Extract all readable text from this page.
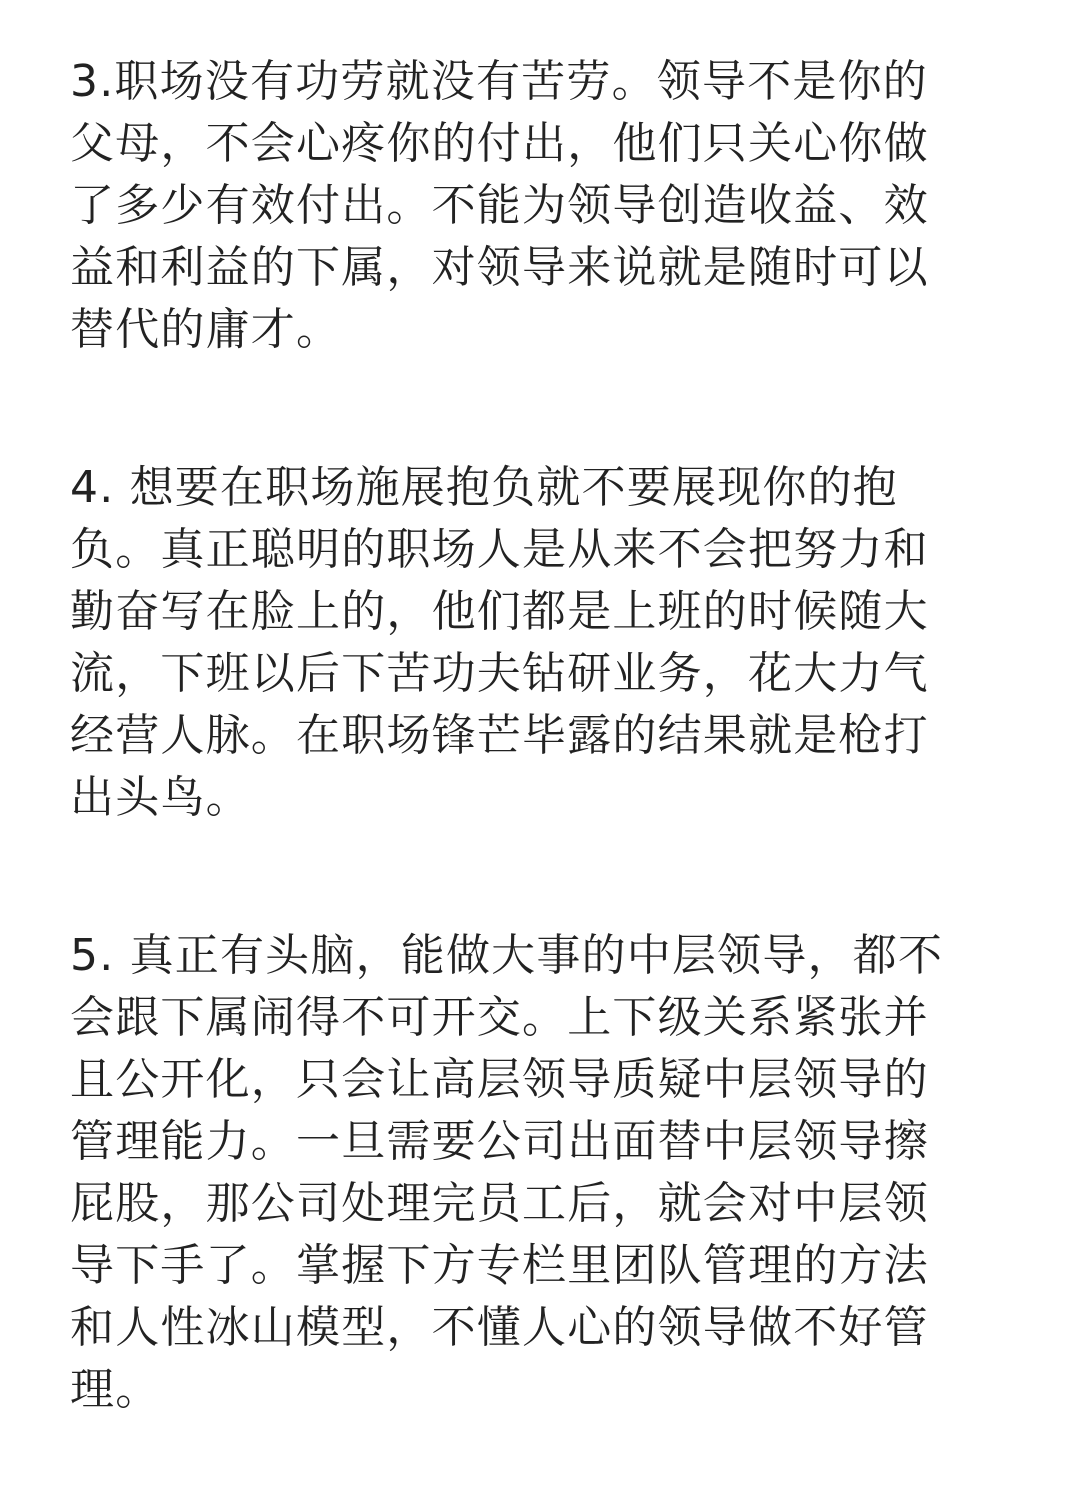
3.职场没有功劳就没有苦劳。领导不是你的
父母，不会心疼你的付出，他们只关心你做
了多少有效付出。不能为领导创造收益、效
益和利益的下属，对领导来说就是随时可以
替代的庸才。

4. 想要在职场施展抱负就不要展现你的抱
负。真正聪明的职场人是从来不会把努力和
勤奋写在脸上的，他们都是上班的时候随大
流，下班以后下苦功夫钻研业务，花大力气
经营人脉。在职场锋芒毕露的结果就是枪打
出头鸟。

5. 真正有头脑，能做大事的中层领导，都不
会跟下属闹得不可开交。上下级关系紧张并
且公开化，只会让高层领导质疑中层领导的
管理能力。一旦需要公司出面替中层领导擦
屁股，那公司处理完员工后，就会对中层领
导下手了。掌握下方专栏里团队管理的方法
和人性冰山模型，不懂人心的领导做不好管
理。
